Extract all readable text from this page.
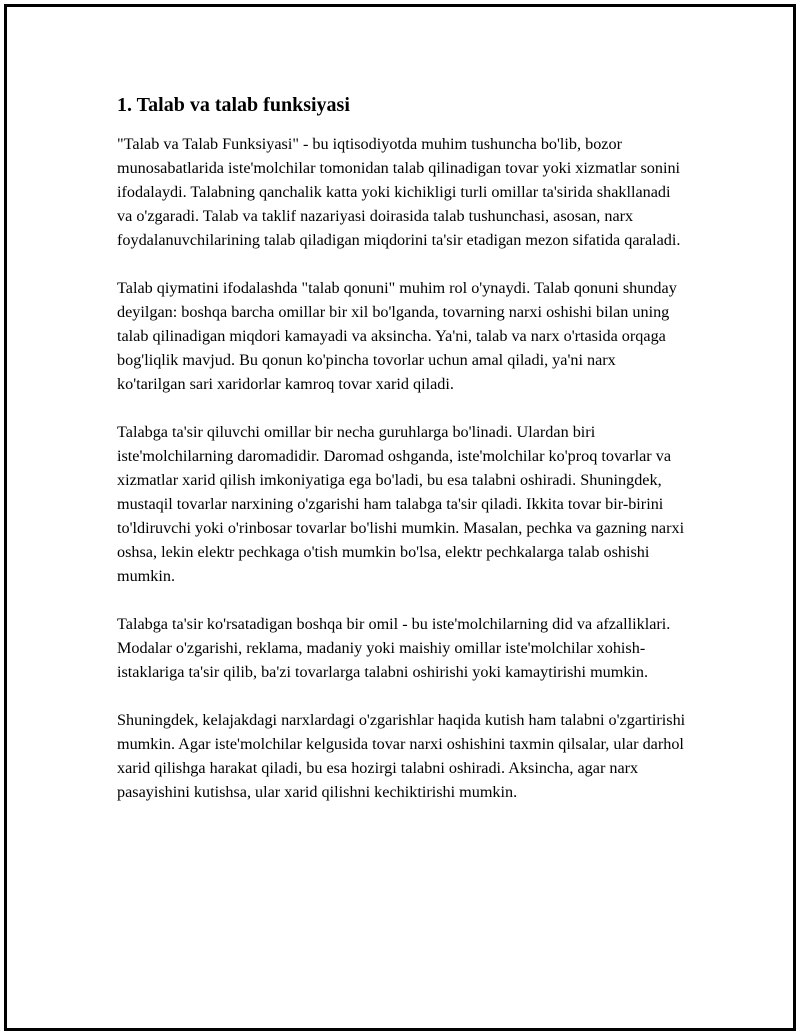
1. Talab va talab funksiyasi

"Talab va Talab Funksiyasi" - bu iqtisodiyotda muhim tushuncha bo'lib, bozor munosabatlarida iste'molchilar tomonidan talab qilinadigan tovar yoki xizmatlar sonini ifodalaydi. Talabning qanchalik katta yoki kichikligi turli omillar ta'sirida shakllanadi va o'zgaradi. Talab va taklif nazariyasi doirasida talab tushunchasi, asosan, narx foydalanuvchilarining talab qiladigan miqdorini ta'sir etadigan mezon sifatida qaraladi.

Talab qiymatini ifodalashda "talab qonuni" muhim rol o'ynaydi. Talab qonuni shunday deyilgan: boshqa barcha omillar bir xil bo'lganda, tovarning narxi oshishi bilan uning talab qilinadigan miqdori kamayadi va aksincha. Ya'ni, talab va narx o'rtasida orqaga bog'liqlik mavjud. Bu qonun ko'pincha tovorlar uchun amal qiladi, ya'ni narx ko'tarilgan sari xaridorlar kamroq tovar xarid qiladi.

Talabga ta'sir qiluvchi omillar bir necha guruhlarga bo'linadi. Ulardan biri iste'molchilarning daromadidir. Daromad oshganda, iste'molchilar ko'proq tovarlar va xizmatlar xarid qilish imkoniyatiga ega bo'ladi, bu esa talabni oshiradi. Shuningdek, mustaqil tovarlar narxining o'zgarishi ham talabga ta'sir qiladi. Ikkita tovar bir-birini to'ldiruvchi yoki o'rinbosar tovarlar bo'lishi mumkin. Masalan, pechka va gazning narxi oshsa, lekin elektr pechkaga o'tish mumkin bo'lsa, elektr pechkalarga talab oshishi mumkin.

Talabga ta'sir ko'rsatadigan boshqa bir omil - bu iste'molchilarning did va afzalliklari. Modalar o'zgarishi, reklama, madaniy yoki maishiy omillar iste'molchilar xohish-istaklariga ta'sir qilib, ba'zi tovarlarga talabni oshirishi yoki kamaytirishi mumkin.

Shuningdek, kelajakdagi narxlardagi o'zgarishlar haqida kutish ham talabni o'zgartirishi mumkin. Agar iste'molchilar kelgusida tovar narxi oshishini taxmin qilsalar, ular darhol xarid qilishga harakat qiladi, bu esa hozirgi talabni oshiradi. Aksincha, agar narx pasayishini kutishsa, ular xarid qilishni kechiktirishi mumkin.
